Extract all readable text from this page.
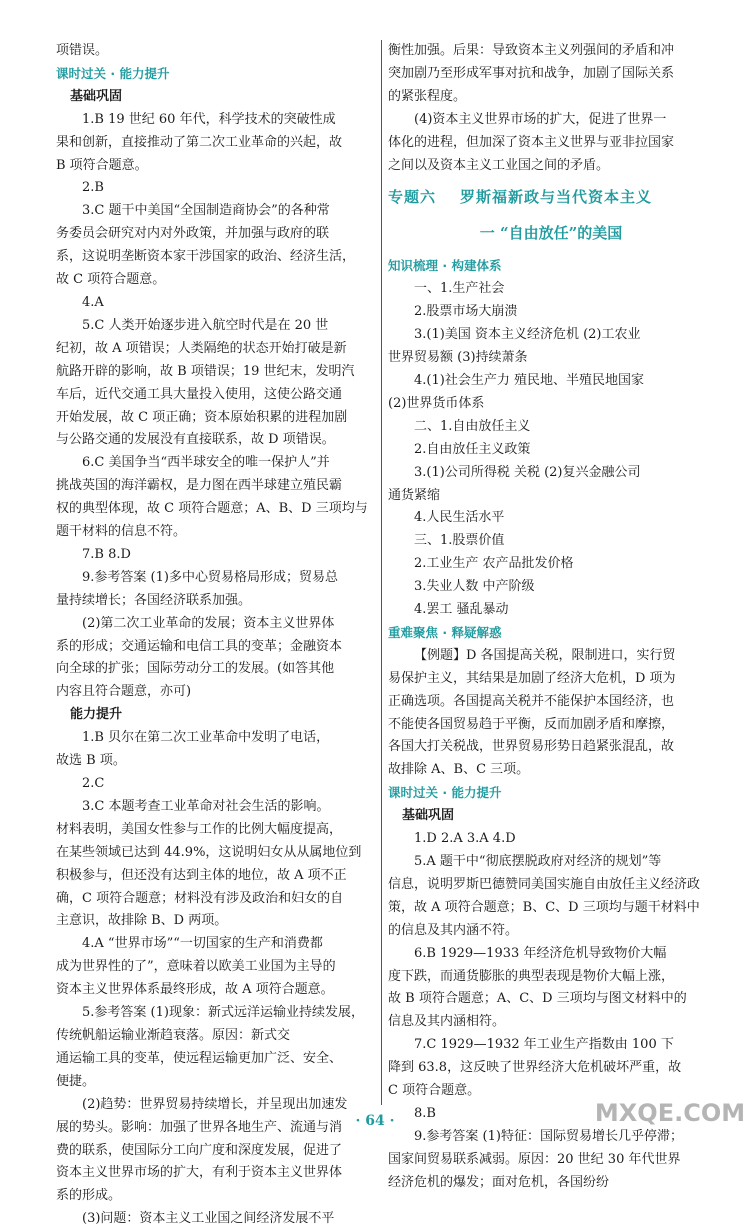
项错误。
课时过关 · 能力提升
基础巩固
1.B 19 世纪 60 年代，科学技术的突破性成
果和创新，直接推动了第二次工业革命的兴起，故
B 项符合题意。
2.B
3.C 题干中美国“全国制造商协会”的各种常
务委员会研究对内对外政策，并加强与政府的联
系，这说明垄断资本家干涉国家的政治、经济生活，
故 C 项符合题意。
4.A
5.C 人类开始逐步进入航空时代是在 20 世
纪初，故 A 项错误；人类隔绝的状态开始打破是新
航路开辟的影响，故 B 项错误；19 世纪末，发明汽
车后，近代交通工具大量投入使用，这使公路交通
开始发展，故 C 项正确；资本原始积累的进程加剧
与公路交通的发展没有直接联系，故 D 项错误。
6.C 美国争当“西半球安全的唯一保护人”并
挑战英国的海洋霸权，是力图在西半球建立殖民霸
权的典型体现，故 C 项符合题意；A、B、D 三项均与
题干材料的信息不符。
7.B 8.D
9.参考答案 (1)多中心贸易格局形成；贸易总
量持续增长；各国经济联系加强。
(2)第二次工业革命的发展；资本主义世界体
系的形成；交通运输和电信工具的变革；金融资本
向全球的扩张；国际劳动分工的发展。(如答其他
内容且符合题意，亦可)
能力提升
1.B 贝尔在第二次工业革命中发明了电话，
故选 B 项。
2.C
3.C 本题考查工业革命对社会生活的影响。
材料表明，美国女性参与工作的比例大幅度提高，
在某些领域已达到 44.9%，这说明妇女从从属地位到
积极参与，但还没有达到主体的地位，故 A 项不正
确，C 项符合题意；材料没有涉及政治和妇女的自
主意识，故排除 B、D 两项。
4.A “世界市场”“一切国家的生产和消费都
成为世界性的了”，意味着以欧美工业国为主导的
资本主义世界体系最终形成，故 A 项符合题意。
5.参考答案 (1)现象：新式远洋运输业持续发展，
传统帆船运输业渐趋衰落。原因：新式交
通运输工具的变革，使远程运输更加广泛、安全、
便捷。
(2)趋势：世界贸易持续增长，并呈现出加速发
展的势头。影响：加强了世界各地生产、流通与消
费的联系，使国际分工向广度和深度发展，促进了
资本主义世界市场的扩大，有利于资本主义世界体
系的形成。
(3)问题：资本主义工业国之间经济发展不平
衡性加强。后果：导致资本主义列强间的矛盾和冲
突加剧乃至形成军事对抗和战争，加剧了国际关系
的紧张程度。
(4)资本主义世界市场的扩大，促进了世界一
体化的进程，但加深了资本主义世界与亚非拉国家
之间以及资本主义工业国之间的矛盾。
专题六 罗斯福新政与当代资本主义
一 “自由放任”的美国
知识梳理 · 构建体系
一、1.生产社会
2.股票市场大崩溃
3.(1)美国 资本主义经济危机 (2)工农业
世界贸易额 (3)持续萧条
4.(1)社会生产力 殖民地、半殖民地国家
(2)世界货币体系
二、1.自由放任主义
2.自由放任主义政策
3.(1)公司所得税 关税 (2)复兴金融公司
通货紧缩
4.人民生活水平
三、1.股票价值
2.工业生产 农产品批发价格
3.失业人数 中产阶级
4.罢工 骚乱暴动
重难聚焦 · 释疑解惑
【例题】D 各国提高关税，限制进口，实行贸
易保护主义，其结果是加剧了经济大危机，D 项为
正确选项。各国提高关税并不能保护本国经济，也
不能使各国贸易趋于平衡，反而加剧矛盾和摩擦，
各国大打关税战，世界贸易形势日趋紧张混乱，故
故排除 A、B、C 三项。
课时过关 · 能力提升
基础巩固
1.D 2.A 3.A 4.D
5.A 题干中“彻底摆脱政府对经济的规划”等
信息，说明罗斯巴德赞同美国实施自由放任主义经济政
策，故 A 项符合题意；B、C、D 三项均与题干材料中
的信息及其内涵不符。
6.B 1929—1933 年经济危机导致物价大幅
度下跌，而通货膨胀的典型表现是物价大幅上涨，
故 B 项符合题意；A、C、D 三项均与图文材料中的
信息及其内涵相符。
7.C 1929—1932 年工业生产指数由 100 下
降到 63.8，这反映了世界经济大危机破坏严重，故
C 项符合题意。
8.B
9.参考答案 (1)特征：国际贸易增长几乎停滞；
国家间贸易联系减弱。原因：20 世纪 30 年代世界
经济危机的爆发；面对危机，各国纷纷
· 64 ·	MXQE.COM
